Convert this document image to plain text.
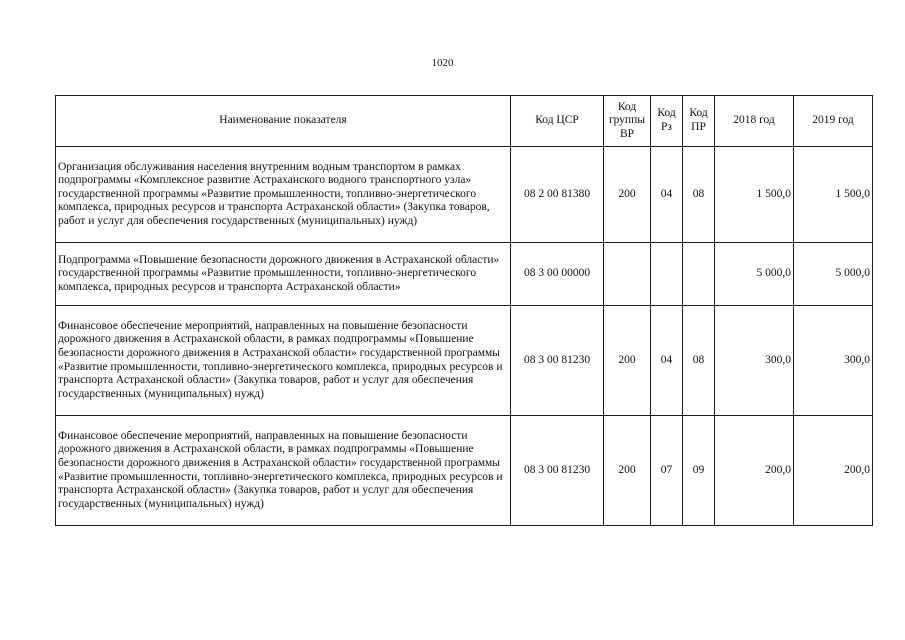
1020
Наименование показателя	Код ЦСР	Код группы ВР	Код Рз	Код ПР	2018 год	2019 год
Организация обслуживания населения внутренним водным транспортом в рамках подпрограммы «Комплексное развитие Астраханского водного транспортного узла» государственной программы «Развитие промышленности, топливно-энергетического комплекса, природных ресурсов и транспорта Астраханской области» (Закупка товаров, работ и услуг для обеспечения государственных (муниципальных) нужд)	08 2 00 81380	200	04	08	1 500,0	1 500,0
Подпрограмма «Повышение безопасности дорожного движения в Астраханской области» государственной программы «Развитие промышленности, топливно-энергетического комплекса, природных ресурсов и транспорта Астраханской области»	08 3 00 00000				5 000,0	5 000,0
Финансовое обеспечение мероприятий, направленных на повышение безопасности дорожного движения в Астраханской области, в рамках подпрограммы «Повышение безопасности дорожного движения в Астраханской области» государственной программы «Развитие промышленности, топливно-энергетического комплекса, природных ресурсов и транспорта Астраханской области» (Закупка товаров, работ и услуг для обеспечения государственных (муниципальных) нужд)	08 3 00 81230	200	04	08	300,0	300,0
Финансовое обеспечение мероприятий, направленных на повышение безопасности дорожного движения в Астраханской области, в рамках подпрограммы «Повышение безопасности дорожного движения в Астраханской области» государственной программы «Развитие промышленности, топливно-энергетического комплекса, природных ресурсов и транспорта Астраханской области» (Закупка товаров, работ и услуг для обеспечения государственных (муниципальных) нужд)	08 3 00 81230	200	07	09	200,0	200,0
